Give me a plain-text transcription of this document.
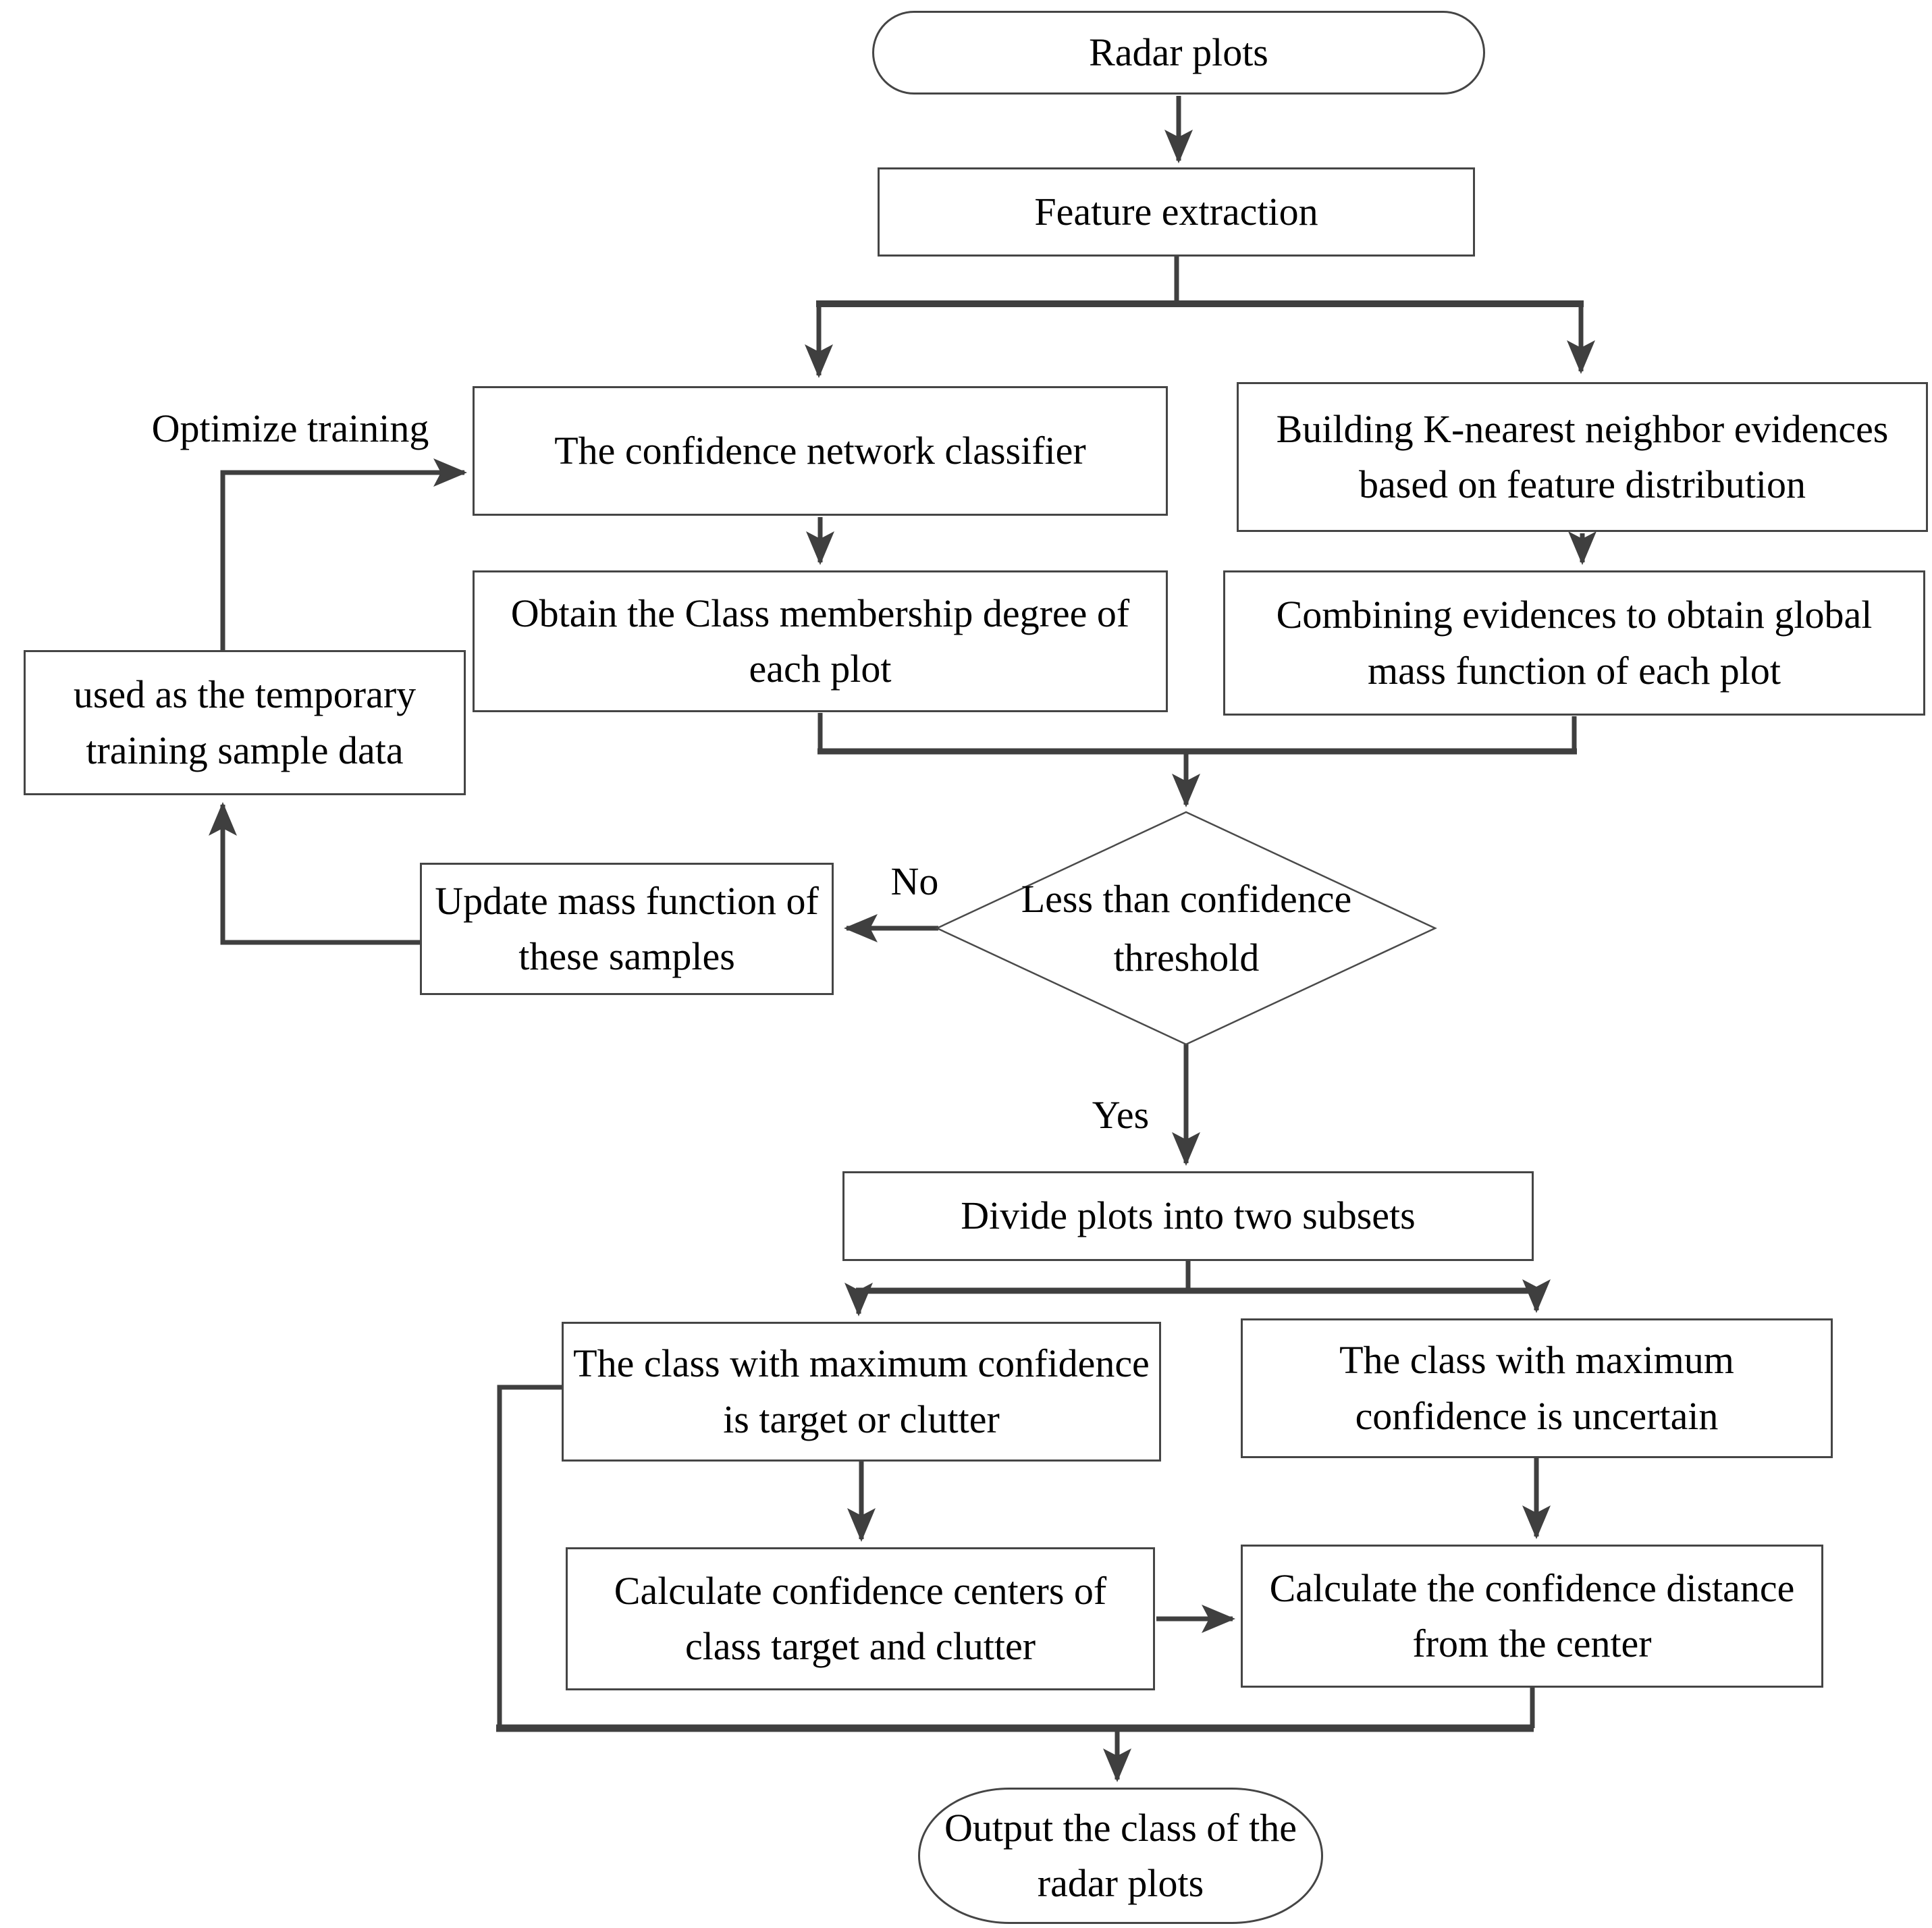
Radar plots
Feature extraction
The confidence network classifier	Building K-nearest neighbor evidences based on feature distribution
Obtain the Class membership degree of each plot
Combining evidences to obtain global mass function of each plot
Less than confidence threshold
Update mass function of these samples
used as the temporary training sample data
Divide plots into two subsets
The class with maximum confidence is target or clutter
The class with maximum confidence is uncertain
Calculate confidence centers of class target and clutter
Calculate the confidence distance from the center
Output the class of the radar plots
Optimize training
No
Yes
